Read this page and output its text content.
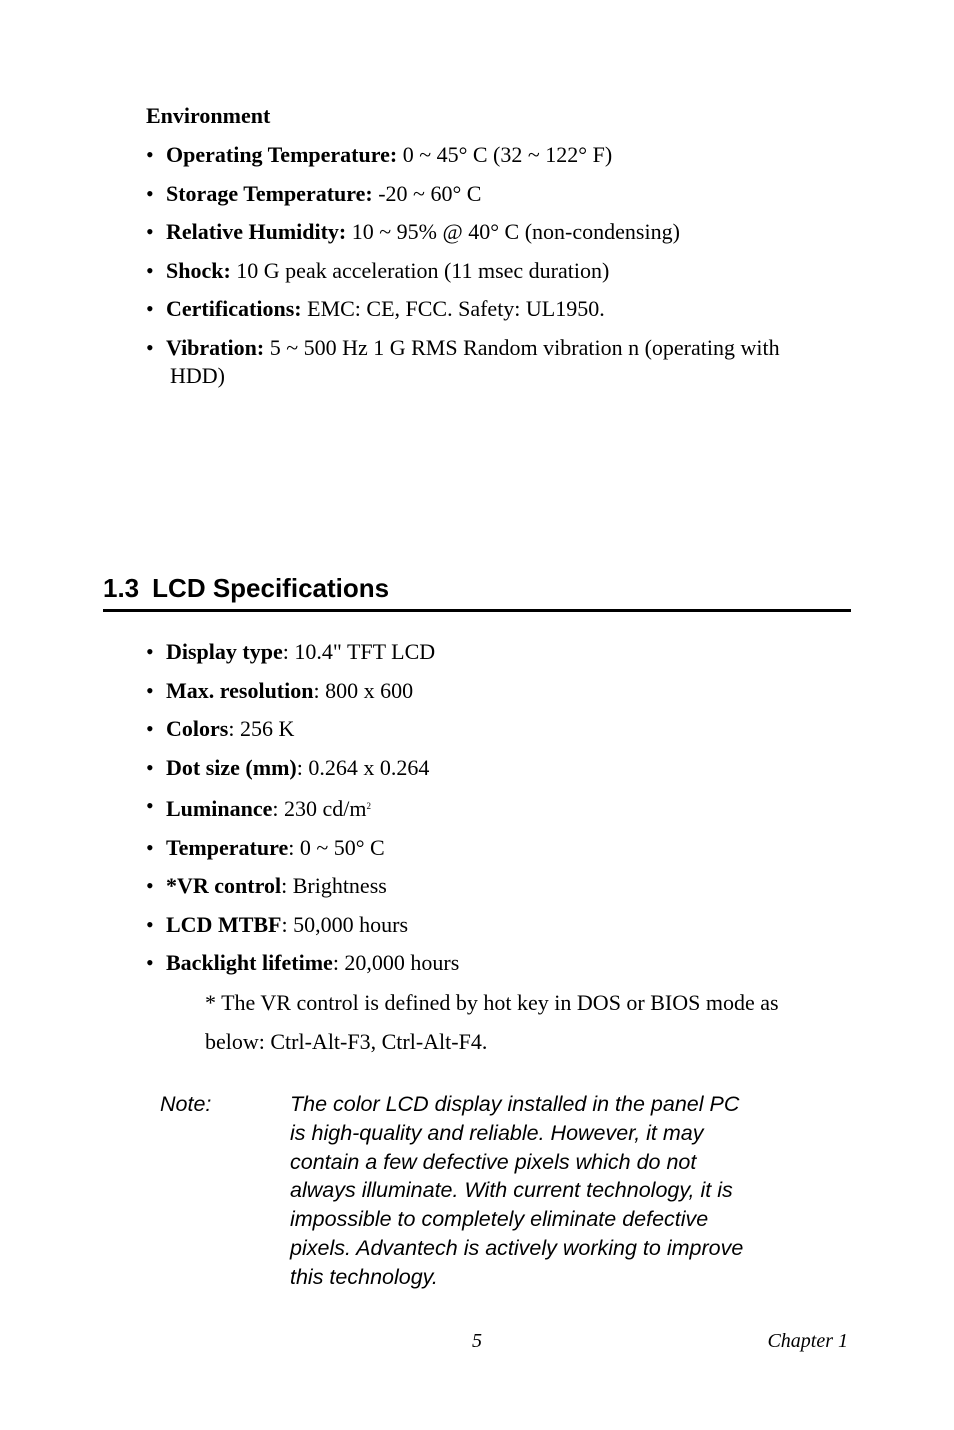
Environment
• Operating Temperature: 0 ~ 45° C (32 ~ 122° F)
• Storage Temperature: -20 ~ 60° C
• Relative Humidity: 10 ~ 95% @ 40° C (non-condensing)
• Shock: 10 G peak acceleration (11 msec duration)
• Certifications: EMC: CE, FCC. Safety: UL1950.
• Vibration: 5 ~ 500 Hz 1 G RMS Random vibration n (operating with
HDD)
1.3 LCD Specifications
• Display type: 10.4" TFT LCD
• Max. resolution: 800 x 600
• Colors: 256 K
• Dot size (mm): 0.264 x 0.264
• Luminance: 230 $cd/m^2$
• Temperature: 0 ~ 50° C
• *VR control: Brightness
• LCD MTBF: 50,000 hours
• Backlight lifetime: 20,000 hours
* The VR control is defined by hot key in DOS or BIOS mode as
below: Ctrl-Alt-F3, Ctrl-Alt-F4.
Note:	The color LCD display installed in the panel PC
is high-quality and reliable. However, it may
contain a few defective pixels which do not
always illuminate. With current technology, it is
impossible to completely eliminate defective
pixels. Advantech is actively working to improve
this technology.
5	Chapter 1
